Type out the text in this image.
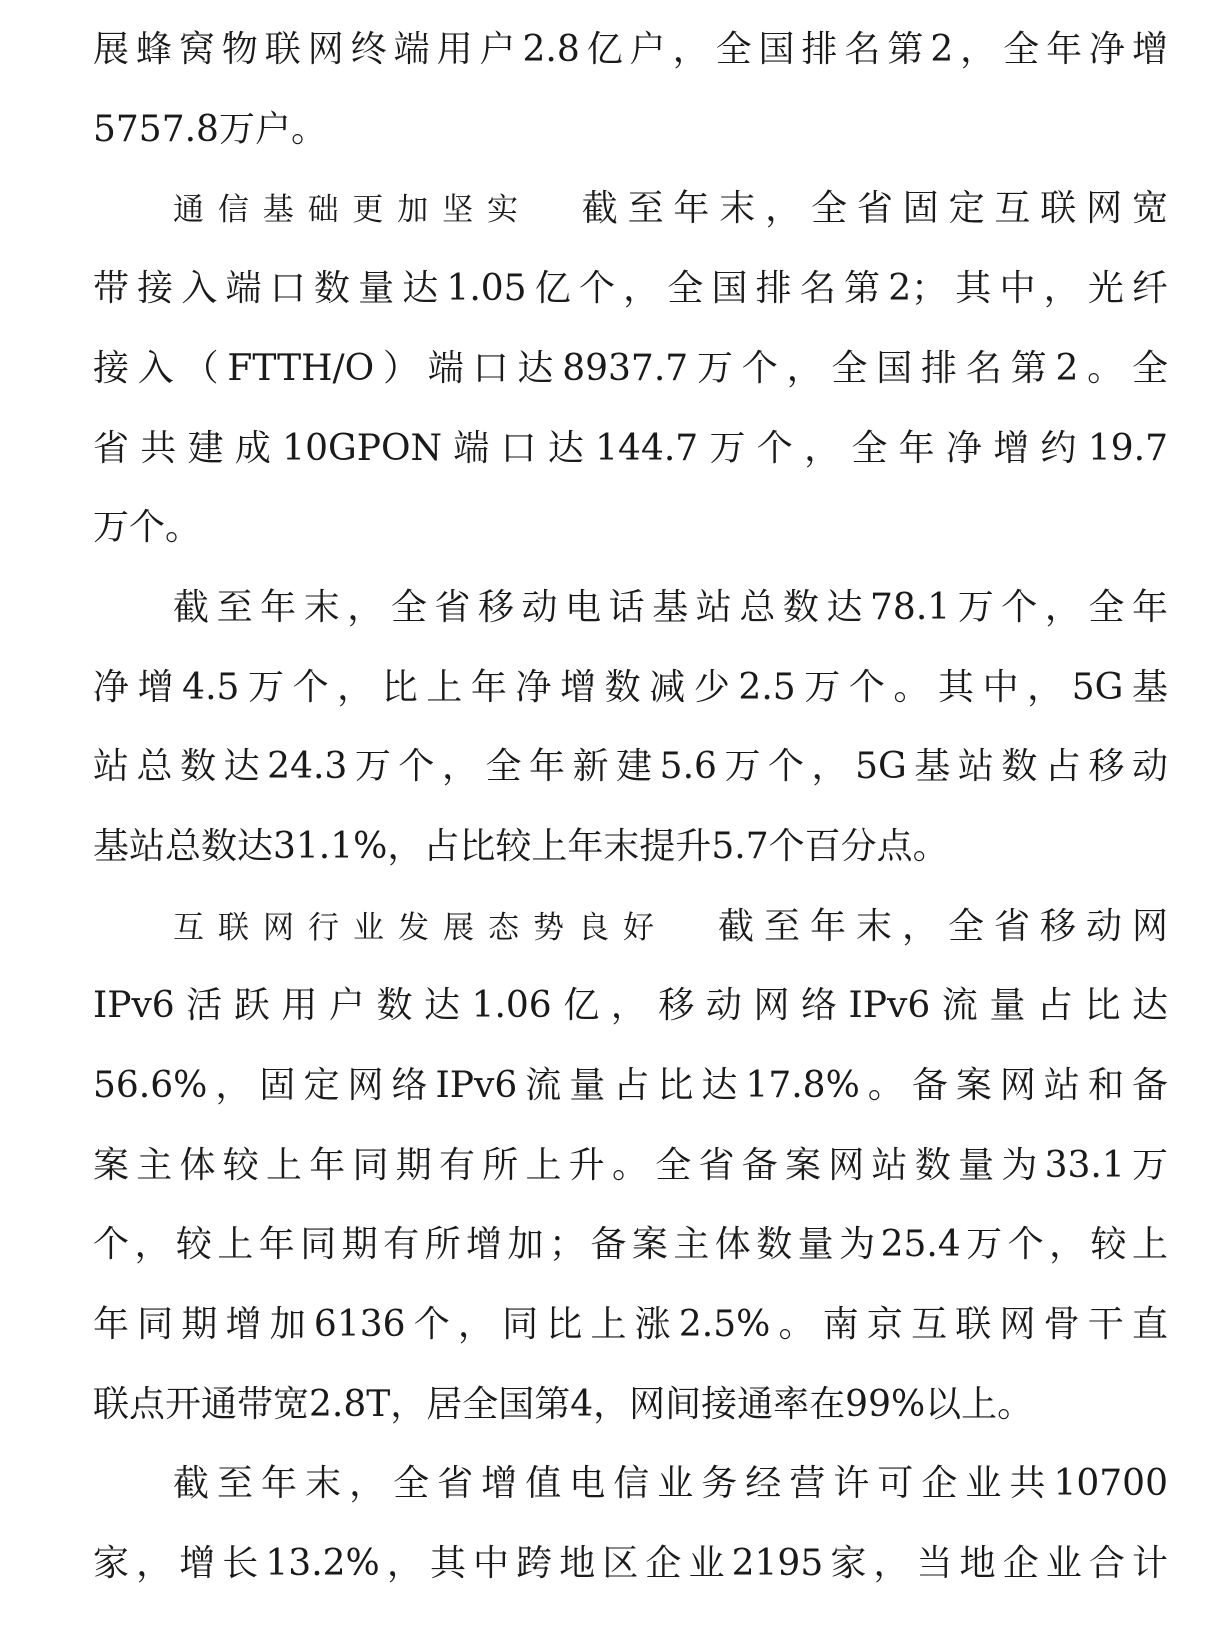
展蜂窝物联网终端用户2.8亿户，全国排名第2，全年净增
5757.8万户。
通信基础更加坚实 截至年末，全省固定互联网宽
带接入端口数量达1.05亿个，全国排名第2；其中，光纤
接入（FTTH/O）端口达8937.7万个，全国排名第2。全
省共建成10GPON端口达144.7万个，全年净增约19.7
万个。
截至年末，全省移动电话基站总数达78.1万个，全年
净增4.5万个，比上年净增数减少2.5万个。其中，5G基
站总数达24.3万个，全年新建5.6万个，5G基站数占移动
基站总数达31.1%，占比较上年末提升5.7个百分点。
互联网行业发展态势良好 截至年末，全省移动网
IPv6活跃用户数达1.06亿，移动网络IPv6流量占比达
56.6%，固定网络IPv6流量占比达17.8%。备案网站和备
案主体较上年同期有所上升。全省备案网站数量为33.1万
个，较上年同期有所增加；备案主体数量为25.4万个，较上
年同期增加6136个，同比上涨2.5%。南京互联网骨干直
联点开通带宽2.8T，居全国第4，网间接通率在99%以上。
截至年末，全省增值电信业务经营许可企业共10700
家，增长13.2%，其中跨地区企业2195家，当地企业合计
